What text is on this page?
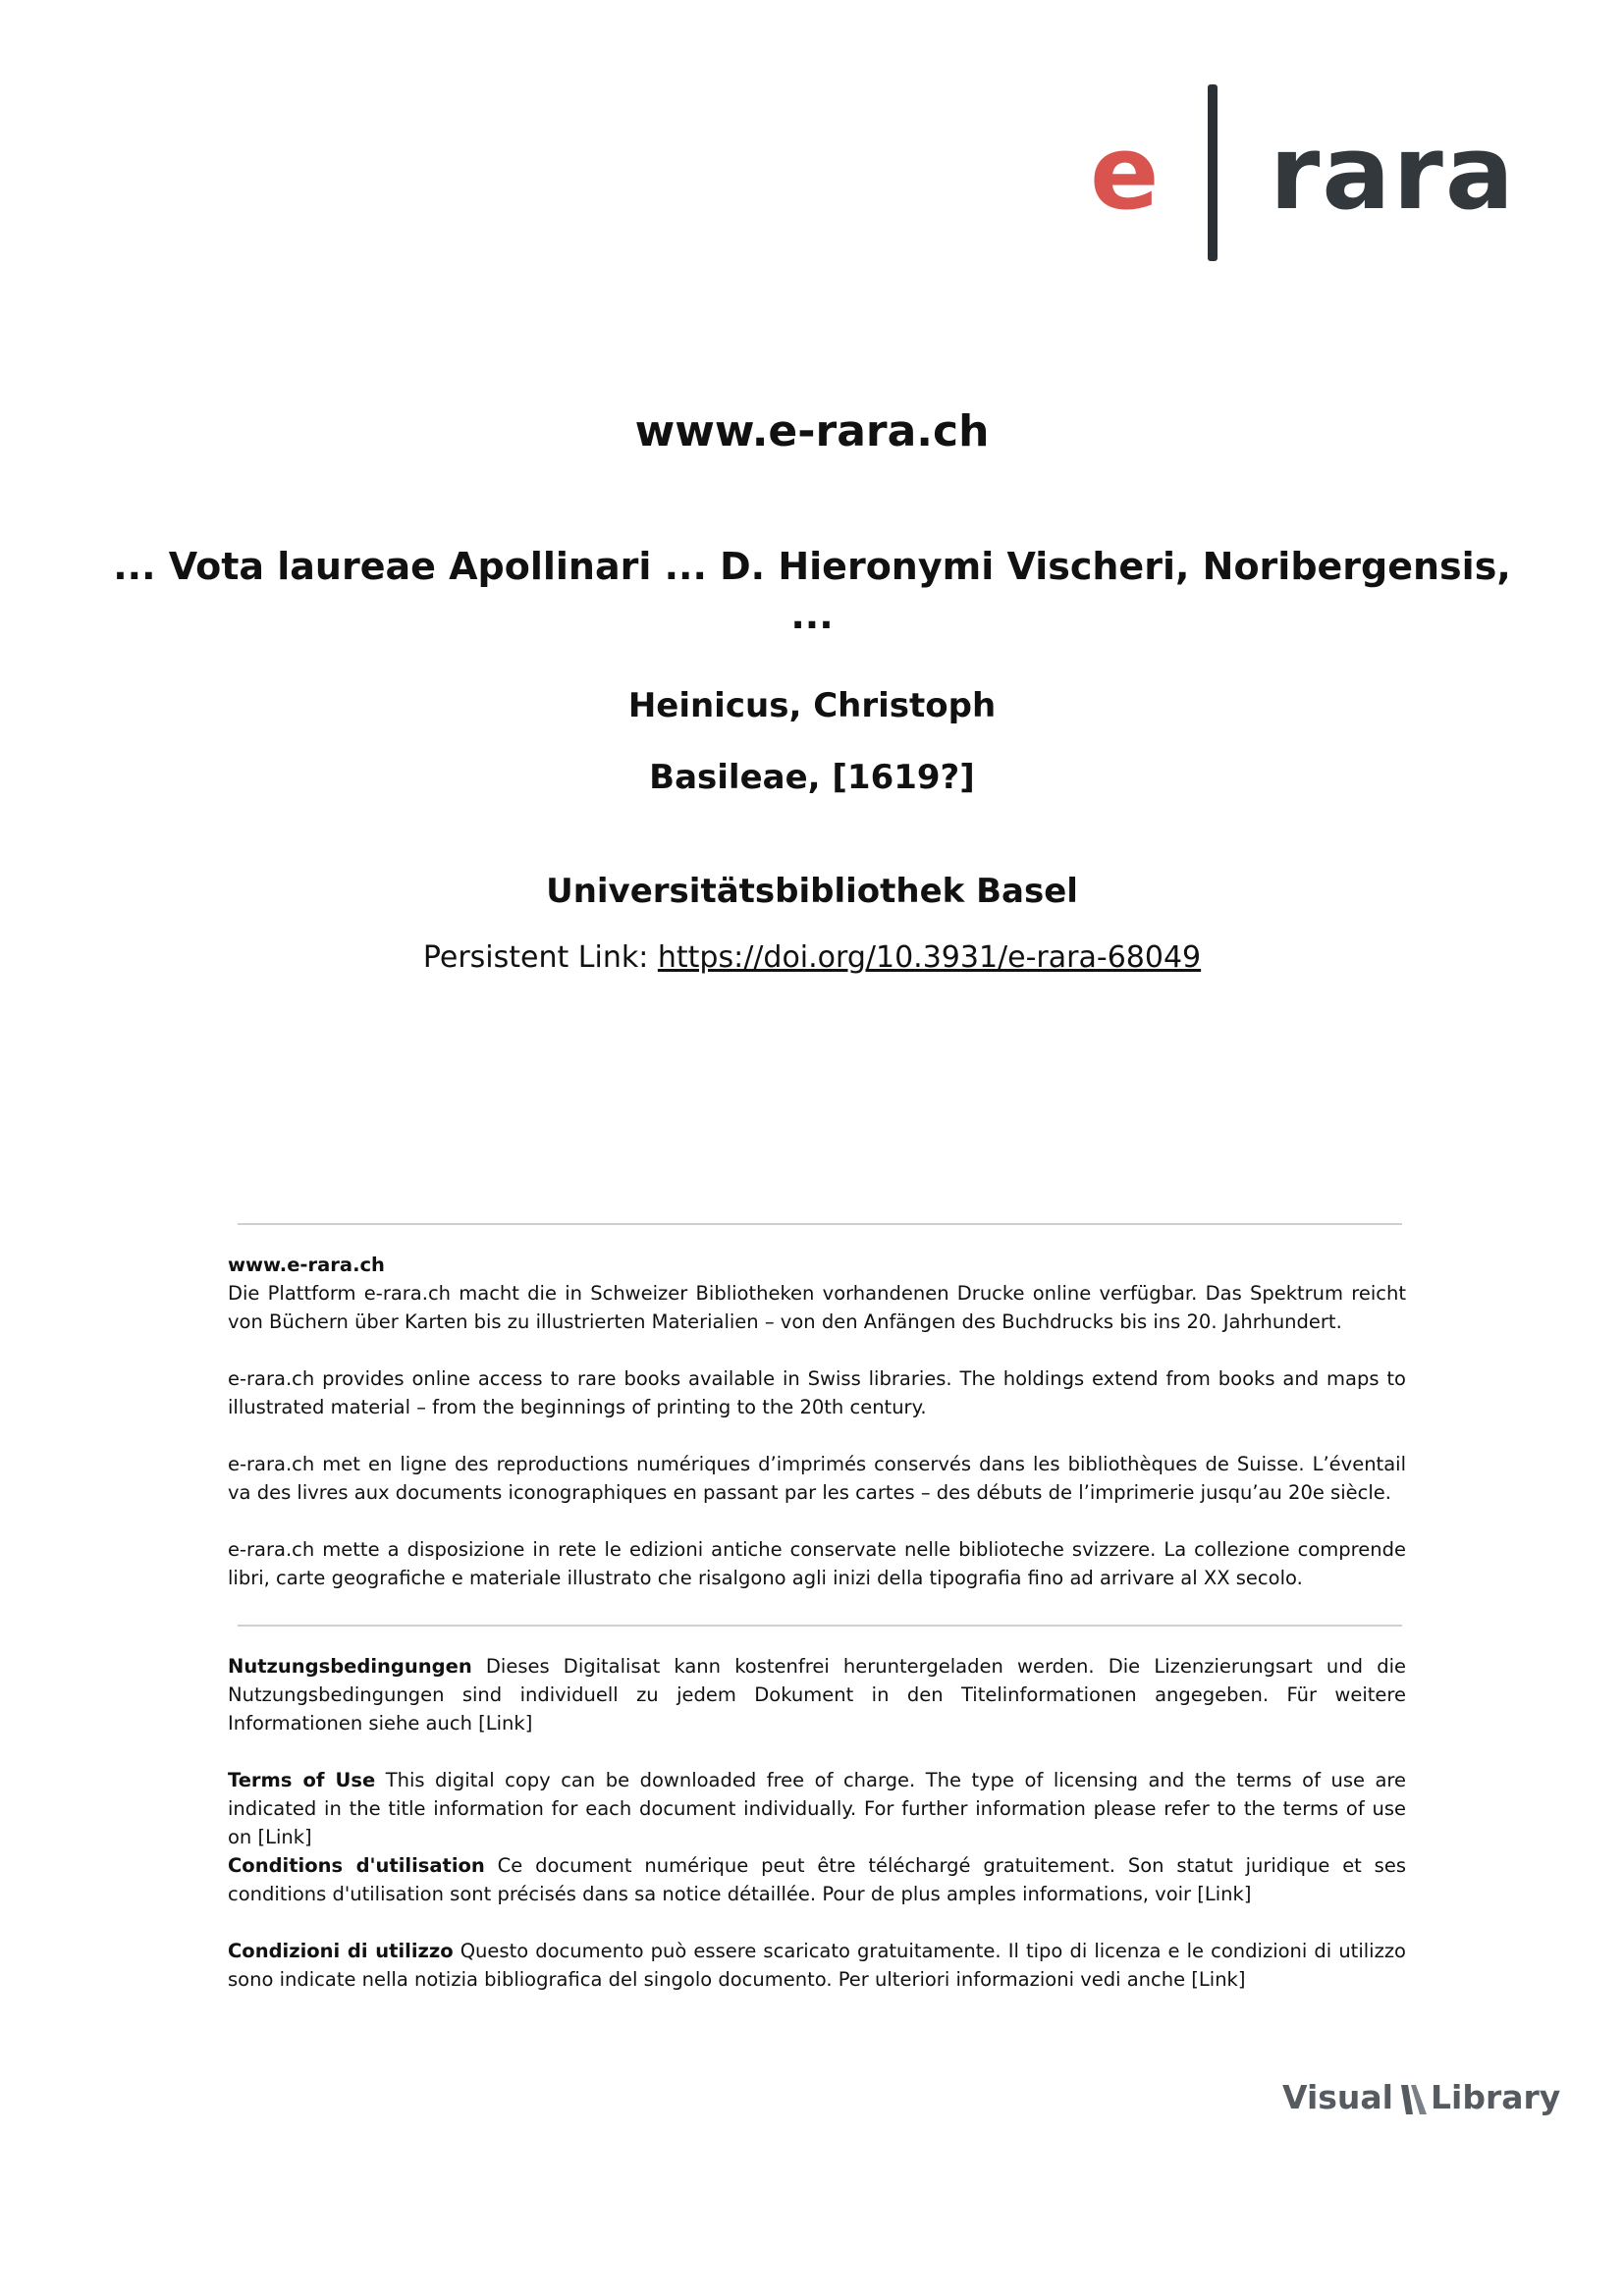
e rara
www.e-rara.ch
... Vota laureae Apollinari ... D. Hieronymi Vischeri, Noribergensis, ...
Heinicus, Christoph
Basileae, [1619?]
Universitätsbibliothek Basel
Persistent Link: https://doi.org/10.3931/e-rara-68049
www.e-rara.ch

Die Plattform e-rara.ch macht die in Schweizer Bibliotheken vorhandenen Drucke online verfügbar. Das Spektrum reicht von Büchern über Karten bis zu illustrierten Materialien – von den Anfängen des Buchdrucks bis ins 20. Jahrhundert.

e-rara.ch provides online access to rare books available in Swiss libraries. The holdings extend from books and maps to illustrated material – from the beginnings of printing to the 20th century.

e-rara.ch met en ligne des reproductions numériques d’imprimés conservés dans les bibliothèques de Suisse. L’éventail va des livres aux documents iconographiques en passant par les cartes – des débuts de l’imprimerie jusqu’au 20e siècle.

e-rara.ch mette a disposizione in rete le edizioni antiche conservate nelle biblioteche svizzere. La collezione comprende libri, carte geografiche e materiale illustrato che risalgono agli inizi della tipografia fino ad arrivare al XX secolo.

Nutzungsbedingungen Dieses Digitalisat kann kostenfrei heruntergeladen werden. Die Lizenzierungsart und die Nutzungsbedingungen sind individuell zu jedem Dokument in den Titelinformationen angegeben. Für weitere Informationen siehe auch [Link]

Terms of Use This digital copy can be downloaded free of charge. The type of licensing and the terms of use are indicated in the title information for each document individually. For further information please refer to the terms of use on [Link]

Conditions d'utilisation Ce document numérique peut être téléchargé gratuitement. Son statut juridique et ses conditions d'utilisation sont précisés dans sa notice détaillée. Pour de plus amples informations, voir [Link]

Condizioni di utilizzo Questo documento può essere scaricato gratuitamente. Il tipo di licenza e le condizioni di utilizzo sono indicate nella notizia bibliografica del singolo documento. Per ulteriori informazioni vedi anche [Link]

Visual Library
